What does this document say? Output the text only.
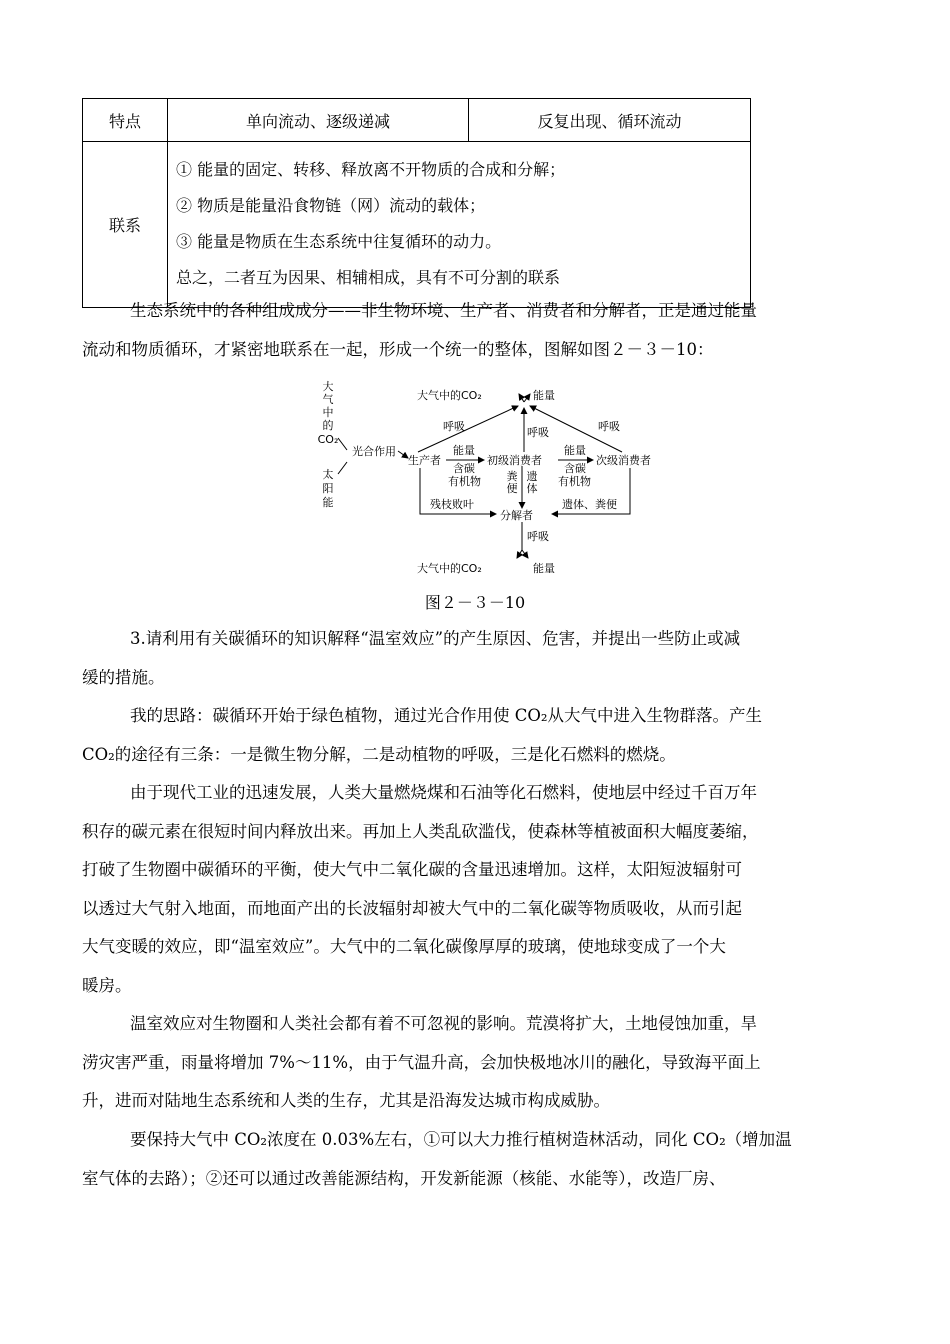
特点	单向流动、逐级递减	反复出现、循环流动
联系	① 能量的固定、转移、释放离不开物质的合成和分解；
② 物质是能量沿食物链（网）流动的载体；
③ 能量是物质在生态系统中往复循环的动力。
总之，二者互为因果、相辅相成，具有不可分割的联系	

生态系统中的各种组成成分——非生物环境、生产者、消费者和分解者，正是通过能量
流动和物质循环，才紧密地联系在一起，形成一个统一的整体，图解如图２－３－10：

大
气
中
的
CO₂
太
阳
能
光合作用
生产者	初级消费者	次级消费者
分解者
大气中的CO₂	能量
呼吸	呼吸	呼吸
能量
含碳
有机物
能量
含碳
有机物
粪
便
遗
体
残枝败叶	遗体、粪便
呼吸
大气中的CO₂	能量
图２－３－10
3.请利用有关碳循环的知识解释“温室效应”的产生原因、危害，并提出一些防止或减
缓的措施。
我的思路：碳循环开始于绿色植物，通过光合作用使 CO₂从大气中进入生物群落。产生
CO₂的途径有三条：一是微生物分解，二是动植物的呼吸，三是化石燃料的燃烧。
由于现代工业的迅速发展，人类大量燃烧煤和石油等化石燃料，使地层中经过千百万年
积存的碳元素在很短时间内释放出来。再加上人类乱砍滥伐，使森林等植被面积大幅度萎缩，
打破了生物圈中碳循环的平衡，使大气中二氧化碳的含量迅速增加。这样，太阳短波辐射可
以透过大气射入地面，而地面产出的长波辐射却被大气中的二氧化碳等物质吸收，从而引起
大气变暖的效应，即“温室效应”。大气中的二氧化碳像厚厚的玻璃，使地球变成了一个大
暖房。
温室效应对生物圈和人类社会都有着不可忽视的影响。荒漠将扩大，土地侵蚀加重，旱
涝灾害严重，雨量将增加 7%～11%，由于气温升高，会加快极地冰川的融化，导致海平面上
升，进而对陆地生态系统和人类的生存，尤其是沿海发达城市构成威胁。
要保持大气中 CO₂浓度在 0.03%左右，①可以大力推行植树造林活动，同化 CO₂（增加温
室气体的去路）；②还可以通过改善能源结构，开发新能源（核能、水能等），改造厂房、
